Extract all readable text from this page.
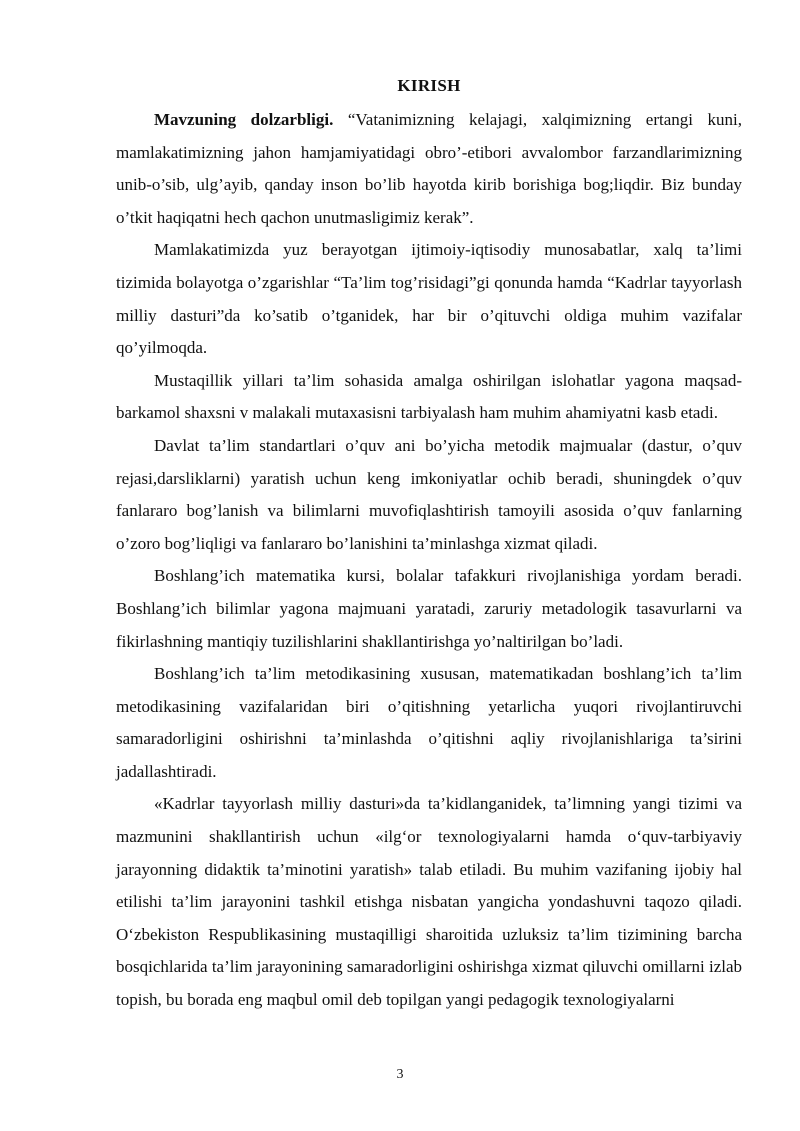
KIRISH

Mavzuning dolzarbligi. “Vatanimizning kelajagi, xalqimizning ertangi kuni, mamlakatimizning jahon hamjamiyatidagi obro’-etibori avvalombor farzandlarimizning unib-o’sib, ulg’ayib, qanday inson bo’lib hayotda kirib borishiga bog;liqdir. Biz bunday o’tkit haqiqatni hech qachon unutmasligimiz kerak”.

Mamlakatimizda yuz berayotgan ijtimoiy-iqtisodiy munosabatlar, xalq ta’limi tizimida bolayotga o’zgarishlar “Ta’lim tog’risidagi”gi qonunda hamda “Kadrlar tayyorlash milliy dasturi”da ko’satib o’tganidek, har bir o’qituvchi oldiga muhim vazifalar qo’yilmoqda.

Mustaqillik yillari ta’lim sohasida amalga oshirilgan islohatlar yagona maqsad-barkamol shaxsni v malakali mutaxasisni tarbiyalash ham muhim ahamiyatni kasb etadi.

Davlat ta’lim standartlari o’quv ani bo’yicha metodik majmualar (dastur, o’quv rejasi,darsliklarni) yaratish uchun keng imkoniyatlar ochib beradi, shuningdek o’quv fanlararo bog’lanish va bilimlarni muvofiqlashtirish tamoyili asosida o’quv fanlarning o’zoro bog’liqligi va fanlararo bo’lanishini ta’minlashga xizmat qiladi.

Boshlang’ich matematika kursi, bolalar tafakkuri rivojlanishiga yordam beradi. Boshlang’ich bilimlar yagona majmuani yaratadi, zaruriy metadologik tasavurlarni va fikirlashning mantiqiy tuzilishlarini shakllantirishga yo’naltirilgan bo’ladi.

Boshlang’ich ta’lim metodikasining xususan, matematikadan boshlang’ich ta’lim metodikasining vazifalaridan biri o’qitishning yetarlicha yuqori rivojlantiruvchi samaradorligini oshirishni ta’minlashda o’qitishni aqliy rivojlanishlariga ta’sirini jadallashtiradi.

«Kadrlar tayyorlash milliy dasturi»da ta’kidlanganidek, ta’limning yangi tizimi va mazmunini shakllantirish uchun «ilg‘or texnologiyalarni hamda o‘quv-tarbiyaviy jarayonning didaktik ta’minotini yaratish» talab etiladi. Bu muhim vazifaning ijobiy hal etilishi ta’lim jarayonini tashkil etishga nisbatan yangicha yondashuvni taqozo qiladi. O‘zbekiston Respublikasining mustaqilligi sharoitida uzluksiz ta’lim tizimining barcha bosqichlarida ta’lim jarayonining samaradorligini oshirishga xizmat qiluvchi omillarni izlab topish, bu borada eng maqbul omil deb topilgan yangi pedagogik texnologiyalarni

3
